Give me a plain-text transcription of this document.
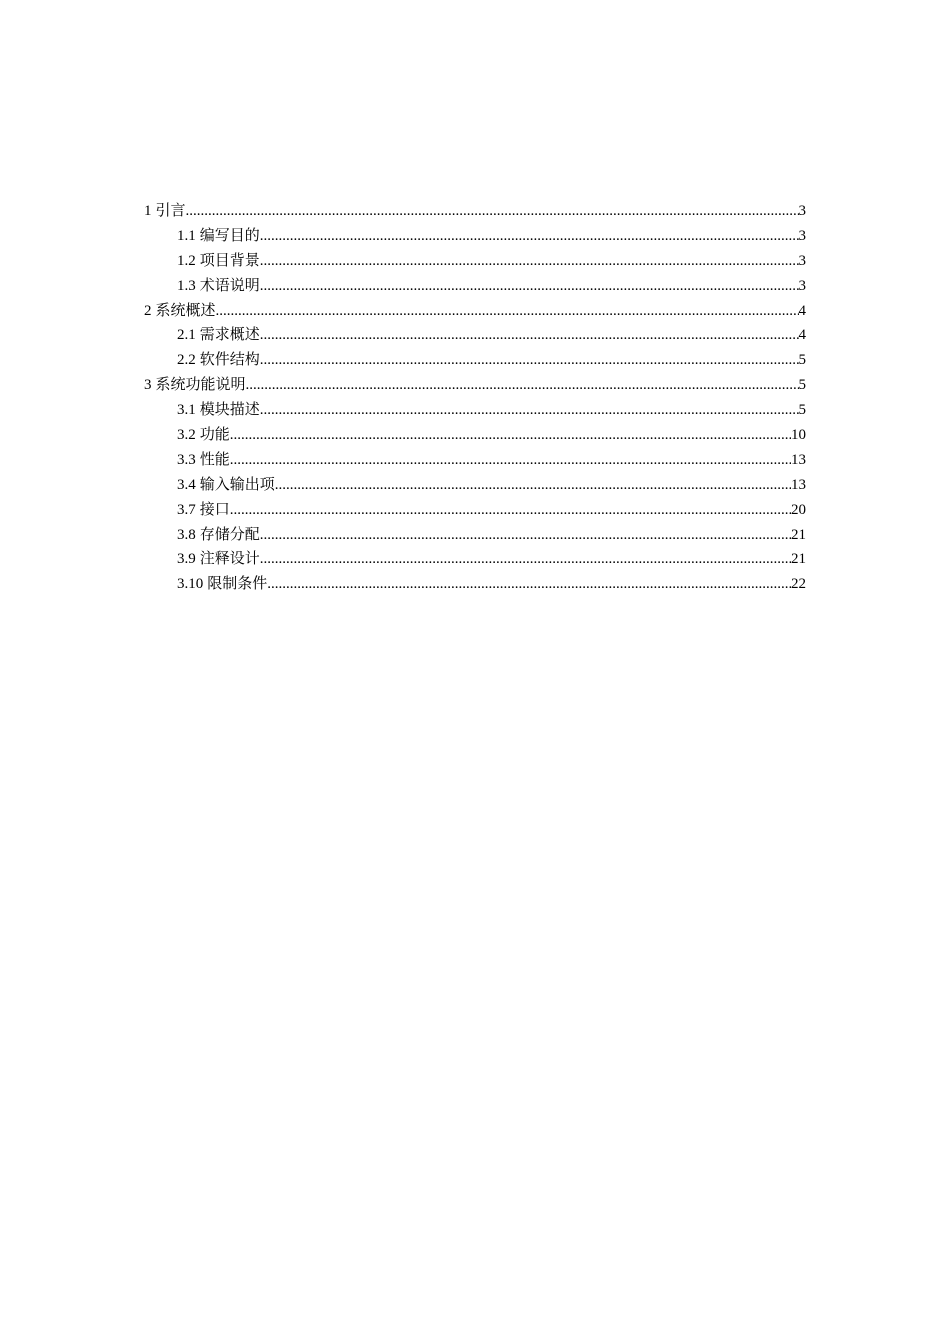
1 引言 .....	3
1.1 编写目的 .....	3
1.2 项目背景 .....	3
1.3 术语说明 .....	3
2 系统概述 .....	4
2.1 需求概述 .....	4
2.2 软件结构 .....	5
3 系统功能说明 .....	5
3.1 模块描述 .....	5
3.2 功能 .....	10
3.3 性能 .....	13
3.4 输入输出项 .....	13
3.7 接口 .....	20
3.8 存储分配 .....	21
3.9 注释设计 .....	21
3.10 限制条件 .....	22
